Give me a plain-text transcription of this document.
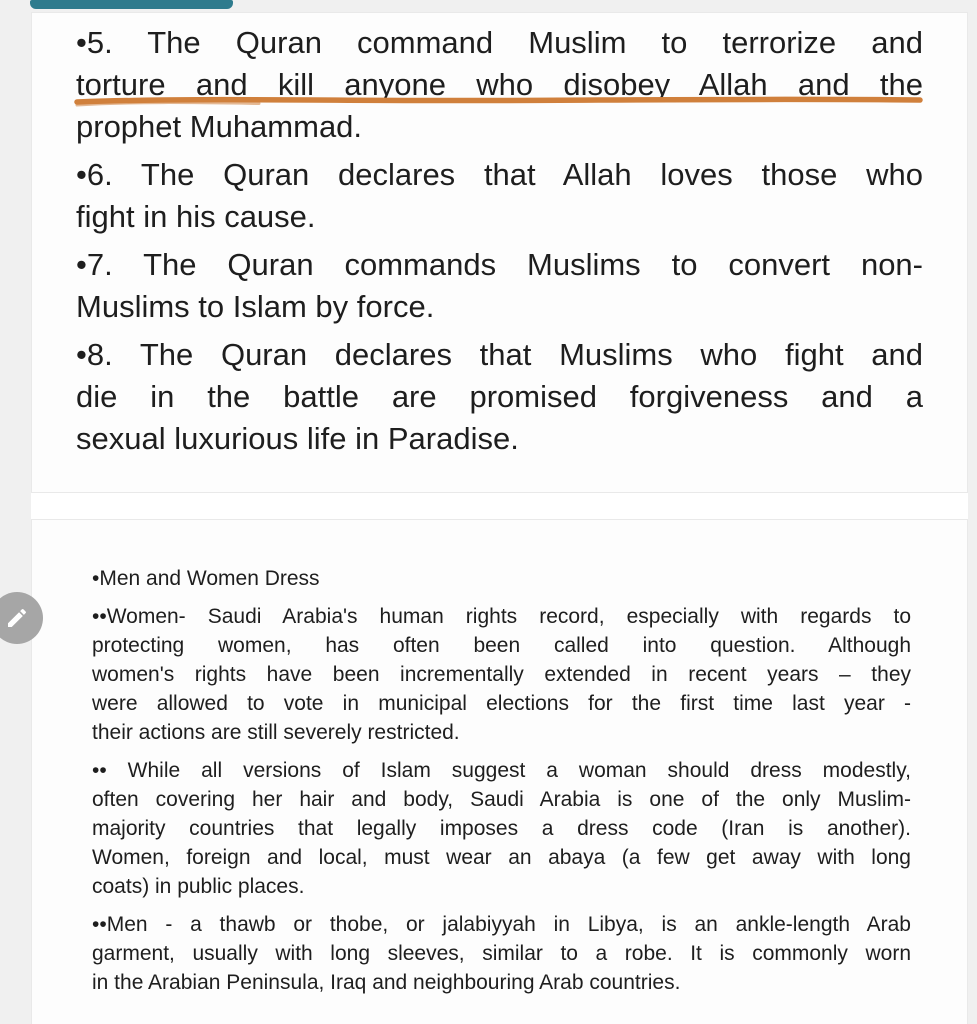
•5. The Quran command Muslim to terrorize and
torture and kill anyone who disobey Allah and the
prophet Muhammad.
•6. The Quran declares that Allah loves those who
fight in his cause.
•7. The Quran commands Muslims to convert non-
Muslims to Islam by force.
•8. The Quran declares that Muslims who fight and
die in the battle are promised forgiveness and a
sexual luxurious life in Paradise.
•Men and Women Dress
••Women- Saudi Arabia's human rights record, especially with regards to
protecting women, has often been called into question. Although
women's rights have been incrementally extended in recent years – they
were allowed to vote in municipal elections for the first time last year -
their actions are still severely restricted.
•• While all versions of Islam suggest a woman should dress modestly,
often covering her hair and body, Saudi Arabia is one of the only Muslim-
majority countries that legally imposes a dress code (Iran is another).
Women, foreign and local, must wear an abaya (a few get away with long
coats) in public places.
••Men - a thawb or thobe, or jalabiyyah in Libya, is an ankle-length Arab
garment, usually with long sleeves, similar to a robe. It is commonly worn
in the Arabian Peninsula, Iraq and neighbouring Arab countries.
